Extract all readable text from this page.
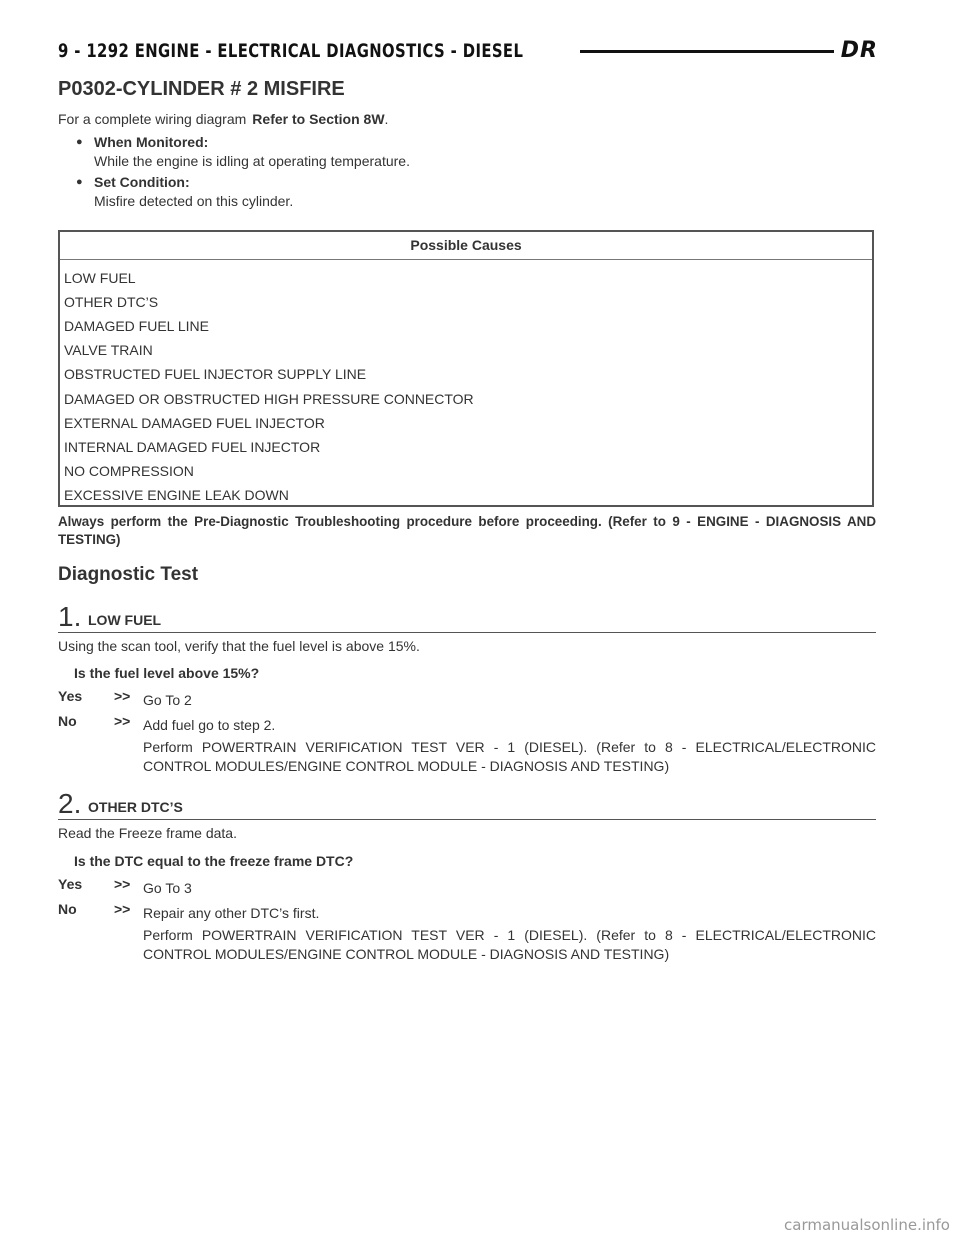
9 - 1292 ENGINE - ELECTRICAL DIAGNOSTICS - DIESEL	DR
P0302-CYLINDER # 2 MISFIRE
For a complete wiring diagram Refer to Section 8W.
● When Monitored:
While the engine is idling at operating temperature.
● Set Condition:
Misfire detected on this cylinder.
Possible Causes
LOW FUEL
OTHER DTC’S
DAMAGED FUEL LINE
VALVE TRAIN
OBSTRUCTED FUEL INJECTOR SUPPLY LINE
DAMAGED OR OBSTRUCTED HIGH PRESSURE CONNECTOR
EXTERNAL DAMAGED FUEL INJECTOR
INTERNAL DAMAGED FUEL INJECTOR
NO COMPRESSION
EXCESSIVE ENGINE LEAK DOWN
Always perform the Pre-Diagnostic Troubleshooting procedure before proceeding. (Refer to 9 - ENGINE - DIAGNOSIS AND TESTING)
Diagnostic Test
1. LOW FUEL
Using the scan tool, verify that the fuel level is above 15%.
Is the fuel level above 15%?
Yes >> Go To 2
No	>> Add fuel go to step 2.
Perform POWERTRAIN VERIFICATION TEST VER - 1 (DIESEL). (Refer to 8 - ELECTRICAL/ELECTRONIC CONTROL MODULES/ENGINE CONTROL MODULE - DIAGNOSIS AND TESTING)
2. OTHER DTC’S
Read the Freeze frame data.
Is the DTC equal to the freeze frame DTC?
Yes >> Go To 3
No	>> Repair any other DTC’s first.
Perform POWERTRAIN VERIFICATION TEST VER - 1 (DIESEL). (Refer to 8 - ELECTRICAL/ELECTRONIC CONTROL MODULES/ENGINE CONTROL MODULE - DIAGNOSIS AND TESTING)
carmanualsonline.info
